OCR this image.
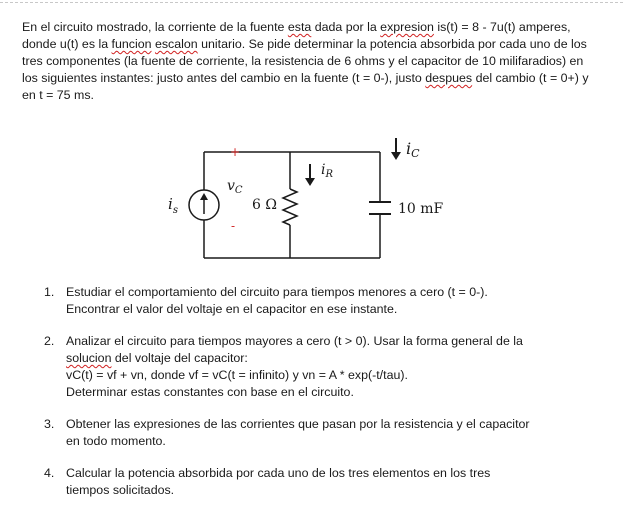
En el circuito mostrado, la corriente de la fuente esta dada por la expresion is(t) = 8 - 7u(t) amperes, donde u(t) es la funcion escalon unitario. Se pide determinar la potencia absorbida por cada uno de los tres componentes (la fuente de corriente, la resistencia de 6 ohms y el capacitor de 10 milifaradios) en los siguientes instantes: justo antes del cambio en la fuente (t = 0-), justo despues del cambio (t = 0+) y en t = 75 ms.

$i_s$
+
-
$v_C$
6 Ω
$i_R$
iC
10 mF
1. Estudiar el comportamiento del circuito para tiempos menores a cero (t = 0-).

Encontrar el valor del voltaje en el capacitor en ese instante.

2. Analizar el circuito para tiempos mayores a cero (t > 0). Usar la forma general de la

solucion del voltaje del capacitor:

vC(t) = vf + vn, donde vf = vC(t = infinito) y vn = A * exp(-t/tau).

Determinar estas constantes con base en el circuito.

3. Obtener las expresiones de las corrientes que pasan por la resistencia y el capacitor

en todo momento.

4. Calcular la potencia absorbida por cada uno de los tres elementos en los tres

tiempos solicitados.
